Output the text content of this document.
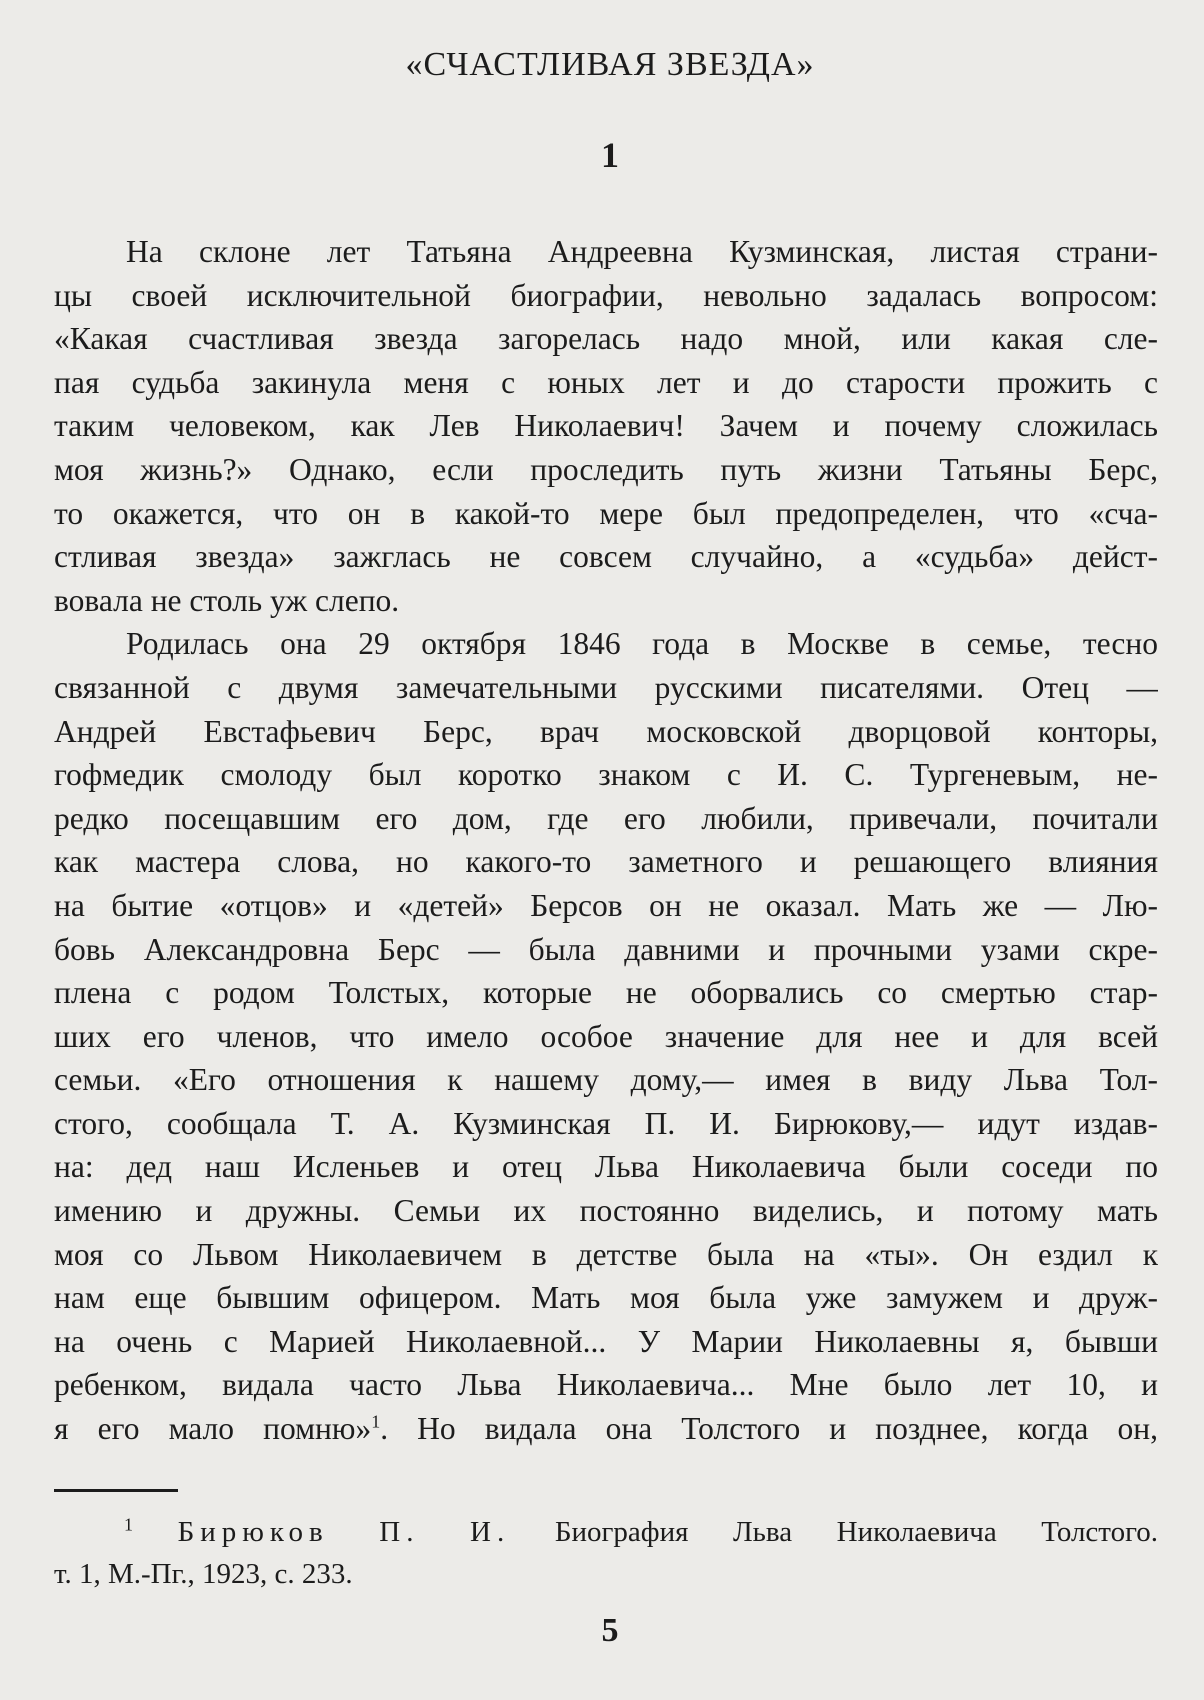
«СЧАСТЛИВАЯ ЗВЕЗДА»
1
На склоне лет Татьяна Андреевна Кузминская, листая страни-
цы своей исключительной биографии, невольно задалась вопросом:
«Какая счастливая звезда загорелась надо мной, или какая сле-
пая судьба закинула меня с юных лет и до старости прожить с
таким человеком, как Лев Николаевич! Зачем и почему сложилась
моя жизнь?» Однако, если проследить путь жизни Татьяны Берс,
то окажется, что он в какой-то мере был предопределен, что «сча-
стливая звезда» зажглась не совсем случайно, а «судьба» дейст-
вовала не столь уж слепо.
Родилась она 29 октября 1846 года в Москве в семье, тесно
связанной с двумя замечательными русскими писателями. Отец —
Андрей Евстафьевич Берс, врач московской дворцовой конторы,
гофмедик смолоду был коротко знаком с И. С. Тургеневым, не-
редко посещавшим его дом, где его любили, привечали, почитали
как мастера слова, но какого-то заметного и решающего влияния
на бытие «отцов» и «детей» Берсов он не оказал. Мать же — Лю-
бовь Александровна Берс — была давними и прочными узами скре-
плена с родом Толстых, которые не оборвались со смертью стар-
ших его членов, что имело особое значение для нее и для всей
семьи. «Его отношения к нашему дому,— имея в виду Льва Тол-
стого, сообщала Т. А. Кузминская П. И. Бирюкову,— идут издав-
на: дед наш Исленьев и отец Льва Николаевича были соседи по
имению и дружны. Семьи их постоянно виделись, и потому мать
моя со Львом Николаевичем в детстве была на «ты». Он ездил к
нам еще бывшим офицером. Мать моя была уже замужем и друж-
на очень с Марией Николаевной... У Марии Николаевны я, бывши
ребенком, видала часто Льва Николаевича... Мне было лет 10, и
я его мало помню»$^1$. Но видала она Толстого и позднее, когда он,
$^1$ Бирюков П. И. Биография Льва Николаевича Толстого.
т. 1, М.-Пг., 1923, с. 233.
5
